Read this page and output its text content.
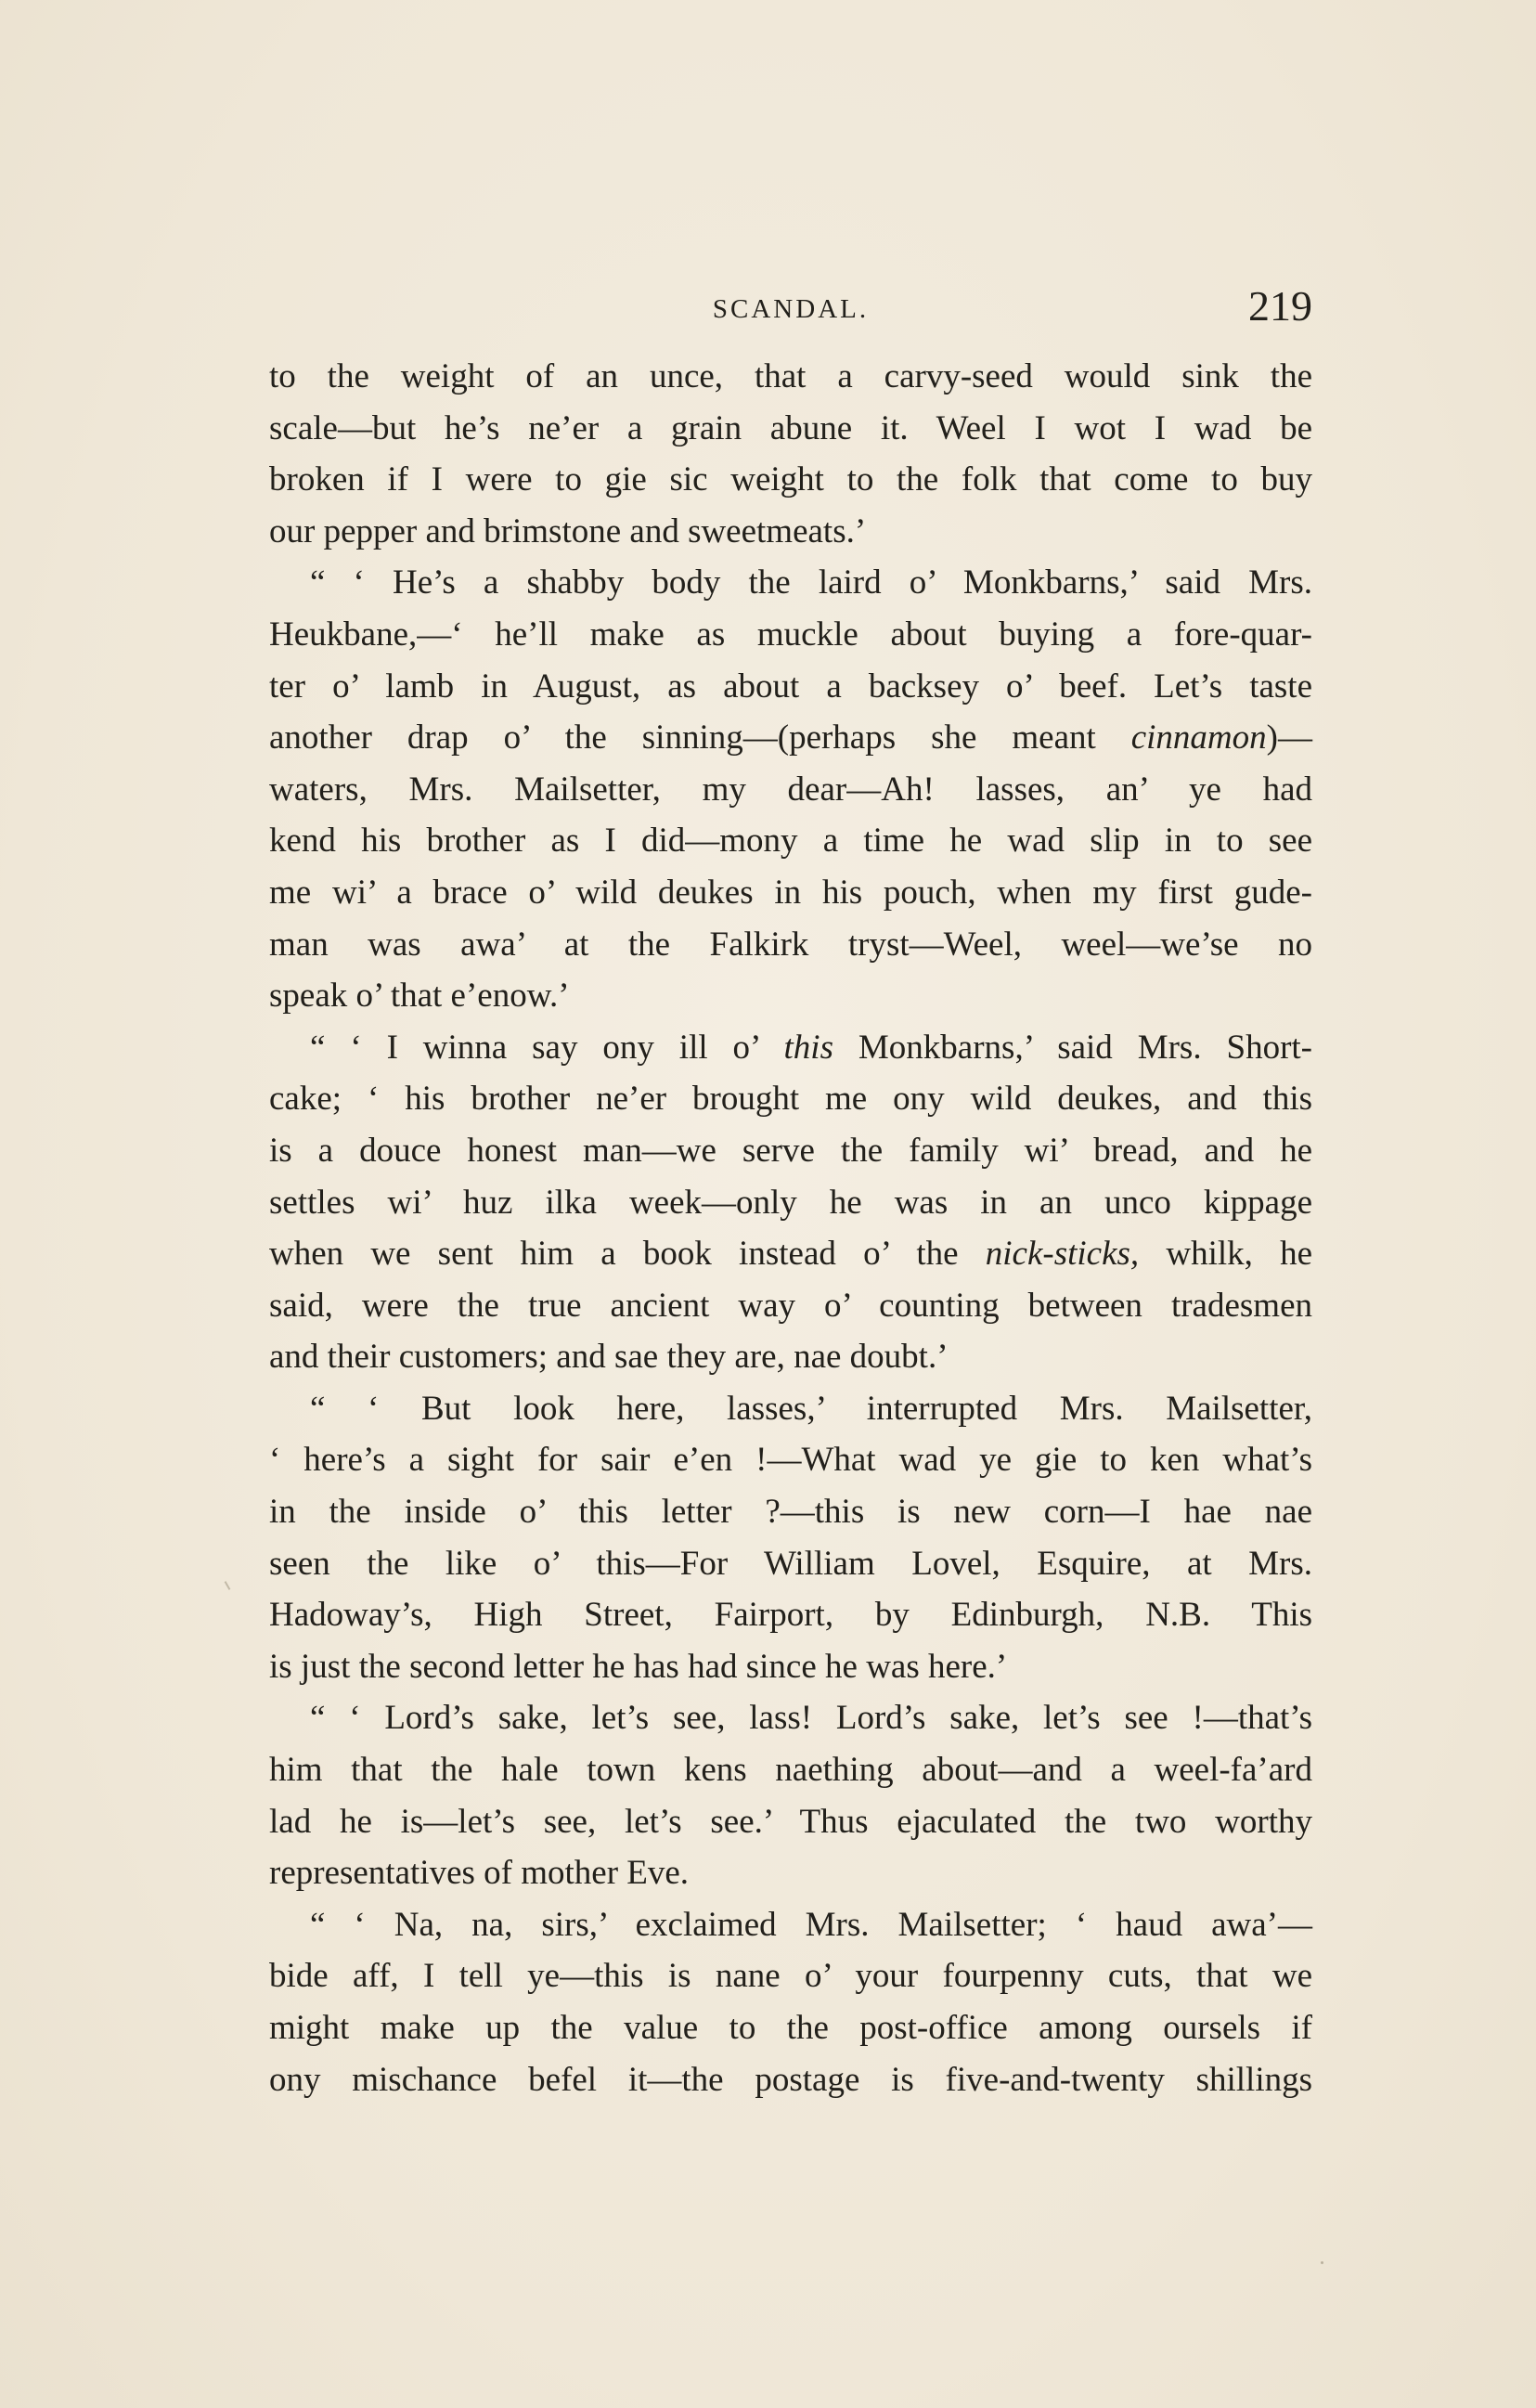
SCANDAL.	219
to the weight of an unce, that a carvy-seed would sink the
scale—but he’s ne’er a grain abune it. Weel I wot I wad be
broken if I were to gie sic weight to the folk that come to buy
our pepper and brimstone and sweetmeats.’
“ ‘ He’s a shabby body the laird o’ Monkbarns,’ said Mrs.
Heukbane,—‘ he’ll make as muckle about buying a fore-quar-
ter o’ lamb in August, as about a backsey o’ beef. Let’s taste
another drap o’ the sinning—(perhaps she meant cinnamon)—
waters, Mrs. Mailsetter, my dear—Ah! lasses, an’ ye had
kend his brother as I did—mony a time he wad slip in to see
me wi’ a brace o’ wild deukes in his pouch, when my first gude-
man was awa’ at the Falkirk tryst—Weel, weel—we’se no
speak o’ that e’enow.’
“ ‘ I winna say ony ill o’ this Monkbarns,’ said Mrs. Short-
cake; ‘ his brother ne’er brought me ony wild deukes, and this
is a douce honest man—we serve the family wi’ bread, and he
settles wi’ huz ilka week—only he was in an unco kippage
when we sent him a book instead o’ the nick-sticks, whilk, he
said, were the true ancient way o’ counting between tradesmen
and their customers; and sae they are, nae doubt.’
“ ‘ But look here, lasses,’ interrupted Mrs. Mailsetter,
‘ here’s a sight for sair e’en !—What wad ye gie to ken what’s
in the inside o’ this letter ?—this is new corn—I hae nae
seen the like o’ this—For William Lovel, Esquire, at Mrs.
Hadoway’s, High Street, Fairport, by Edinburgh, N.B. This
is just the second letter he has had since he was here.’
“ ‘ Lord’s sake, let’s see, lass! Lord’s sake, let’s see !—that’s
him that the hale town kens naething about—and a weel-fa’ard
lad he is—let’s see, let’s see.’ Thus ejaculated the two worthy
representatives of mother Eve.
“ ‘ Na, na, sirs,’ exclaimed Mrs. Mailsetter; ‘ haud awa’—
bide aff, I tell ye—this is nane o’ your fourpenny cuts, that we
might make up the value to the post-office among oursels if
ony mischance befel it—the postage is five-and-twenty shillings
